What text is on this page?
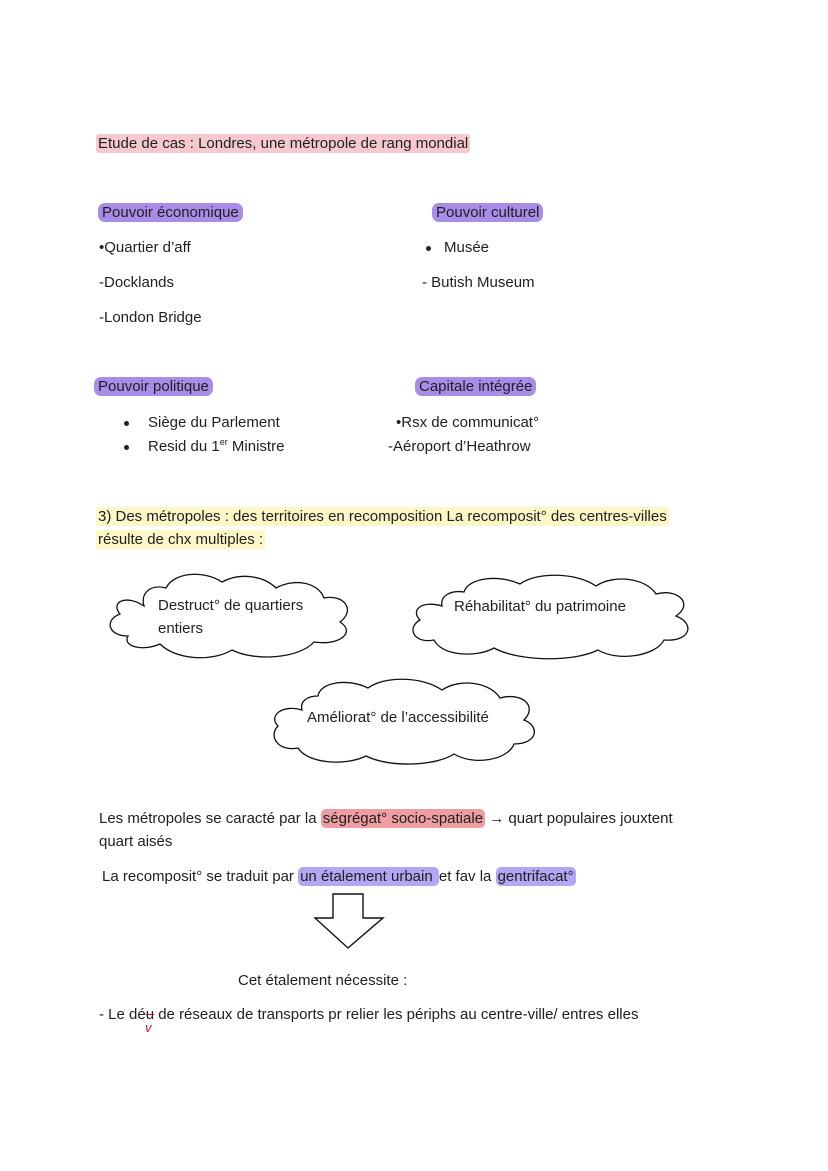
Etude de cas : Londres, une métropole de rang mondial
Pouvoir économique
•Quartier d’aff
-Docklands
-London Bridge
Pouvoir culturel
Musée
- Butish Museum
Pouvoir politique
Siège du Parlement
Resid du 1er Ministre
Capitale intégrée
•Rsx de communicat°
-Aéroport d’Heathrow
3) Des métropoles : des territoires en recomposition La recomposit° des centres-villes
résulte de chx multiples :
Destruct° de quartiers
entiers
Réhabilitat° du patrimoine
Améliorat° de l’accessibilité
Les métropoles se caracté par la ségrégat° socio-spatiale → quart populaires jouxtent
quart aisés
La recomposit° se traduit par un étalement urbain et fav la gentrifacat°
Cet étalement nécessite :
- Le déu de réseaux de transports pr relier les périphs au centre-ville/ entres elles
v
